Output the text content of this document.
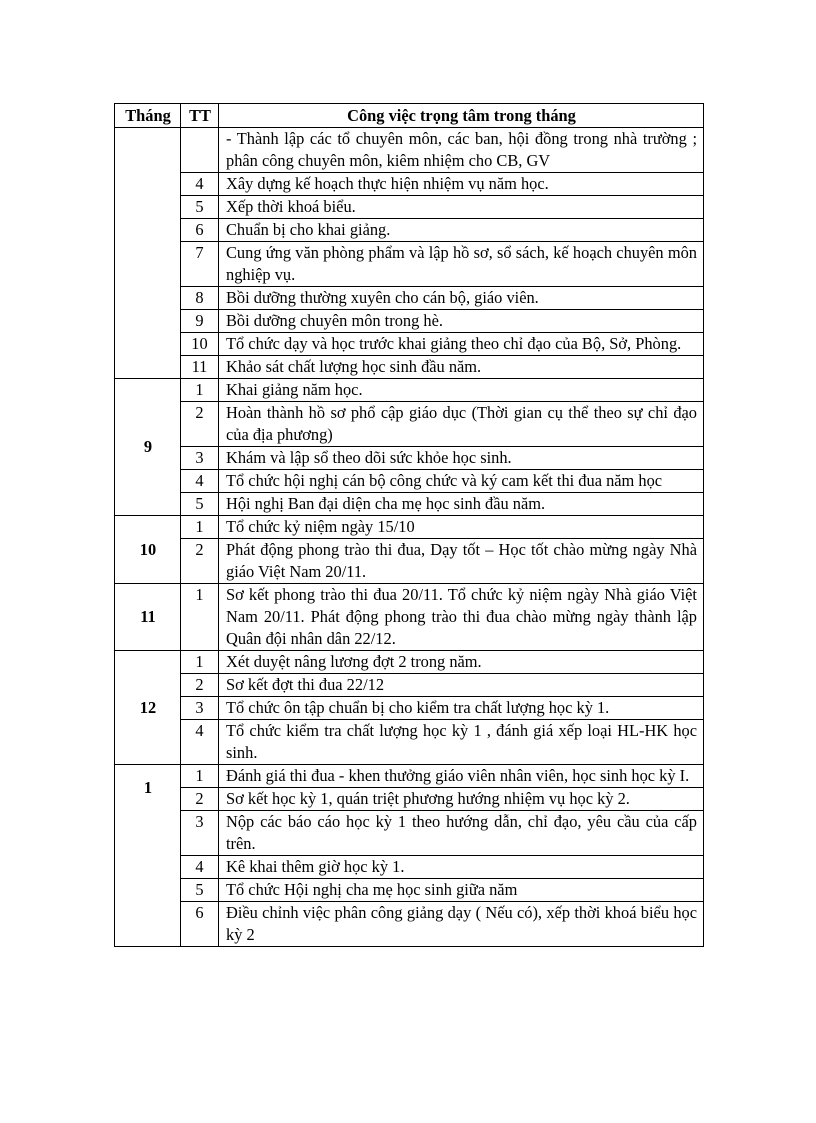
Tháng	TT	Công việc trọng tâm trong tháng
		- Thành lập các tổ chuyên môn, các ban, hội đồng trong nhà trường ; phân công chuyên môn, kiêm nhiệm cho CB, GV
	4	Xây dựng kế hoạch thực hiện nhiệm vụ năm học.
	5	Xếp thời khoá biểu.
	6	Chuẩn bị cho khai giảng.
	7	Cung ứng văn phòng phẩm và lập hồ sơ, sổ sách, kế hoạch chuyên môn nghiệp vụ.
	8	Bồi dưỡng thường xuyên cho cán bộ, giáo viên.
	9	Bồi dưỡng chuyên môn trong hè.
	10	Tổ chức dạy và học trước khai giảng theo chỉ đạo của Bộ, Sở, Phòng.
	11	Khảo sát chất lượng học sinh đầu năm.
9	1	Khai giảng năm học.
	2	Hoàn thành hồ sơ phổ cập giáo dục (Thời gian cụ thể theo sự chỉ đạo của địa phương)
	3	Khám và lập sổ theo dõi sức khỏe học sinh.
	4	Tổ chức hội nghị cán bộ công chức và ký cam kết thi đua năm học
	5	Hội nghị Ban đại diện cha mẹ học sinh đầu năm.
10	1	Tổ chức kỷ niệm ngày 15/10
	2	Phát động phong trào thi đua, Dạy tốt – Học tốt chào mừng ngày Nhà giáo Việt Nam 20/11.
11	1	Sơ kết phong trào thi đua 20/11. Tổ chức kỷ niệm ngày Nhà giáo Việt Nam 20/11. Phát động phong trào thi đua chào mừng ngày thành lập Quân đội nhân dân 22/12.
12	1	Xét duyệt nâng lương đợt 2 trong năm.
	2	Sơ kết đợt thi đua 22/12
	3	Tổ chức ôn tập chuẩn bị cho kiểm tra chất lượng học kỳ 1.
	4	Tổ chức kiểm tra chất lượng học kỳ 1 , đánh giá xếp loại HL-HK học sinh.
1	1	Đánh giá thi đua - khen thưởng giáo viên nhân viên, học sinh học kỳ I.
	2	Sơ kết học kỳ 1, quán triệt phương hướng nhiệm vụ học kỳ 2.
	3	Nộp các báo cáo học kỳ 1 theo hướng dẫn, chỉ đạo, yêu cầu của cấp trên.
	4	Kê khai thêm giờ học kỳ 1.
	5	Tổ chức Hội nghị cha mẹ học sinh giữa năm
	6	Điều chỉnh việc phân công giảng dạy ( Nếu có), xếp thời khoá biểu học kỳ 2
